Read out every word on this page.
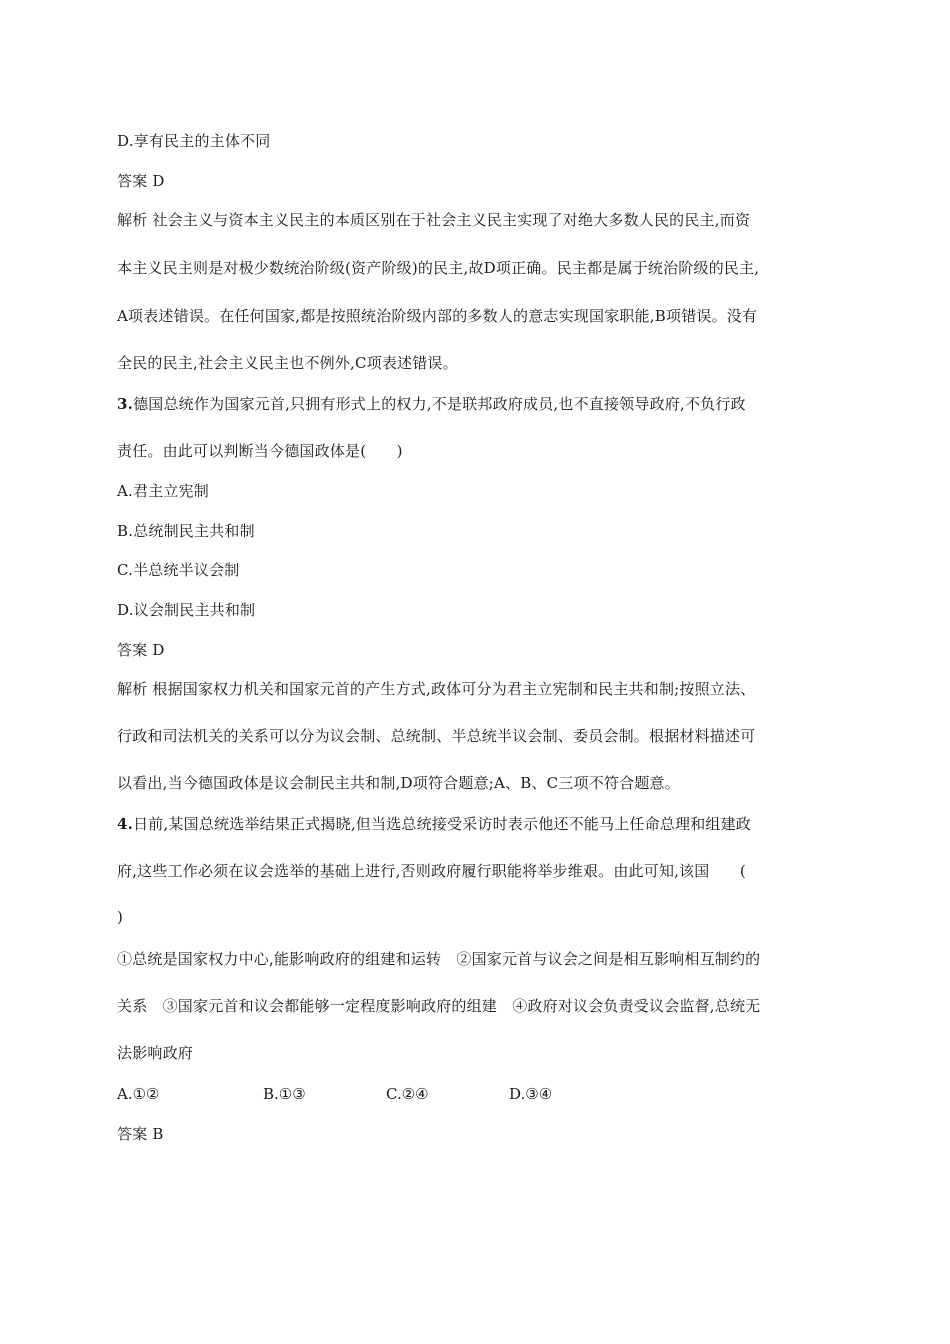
D.享有民主的主体不同
答案 D
解析 社会主义与资本主义民主的本质区别在于社会主义民主实现了对绝大多数人民的民主,而资
本主义民主则是对极少数统治阶级(资产阶级)的民主,故D项正确。民主都是属于统治阶级的民主,
A项表述错误。在任何国家,都是按照统治阶级内部的多数人的意志实现国家职能,B项错误。没有
全民的民主,社会主义民主也不例外,C项表述错误。
3.德国总统作为国家元首,只拥有形式上的权力,不是联邦政府成员,也不直接领导政府,不负行政
责任。由此可以判断当今德国政体是(　　)
A.君主立宪制
B.总统制民主共和制
C.半总统半议会制
D.议会制民主共和制
答案 D
解析 根据国家权力机关和国家元首的产生方式,政体可分为君主立宪制和民主共和制;按照立法、
行政和司法机关的关系可以分为议会制、总统制、半总统半议会制、委员会制。根据材料描述可
以看出,当今德国政体是议会制民主共和制,D项符合题意;A、B、C三项不符合题意。
4.日前,某国总统选举结果正式揭晓,但当选总统接受采访时表示他还不能马上任命总理和组建政
府,这些工作必须在议会选举的基础上进行,否则政府履行职能将举步维艰。由此可知,该国　　(
)
①总统是国家权力中心,能影响政府的组建和运转　②国家元首与议会之间是相互影响相互制约的
关系　③国家元首和议会都能够一定程度影响政府的组建　④政府对议会负责受议会监督,总统无
法影响政府
A.①②	B.①③	C.②④	D.③④
答案 B
